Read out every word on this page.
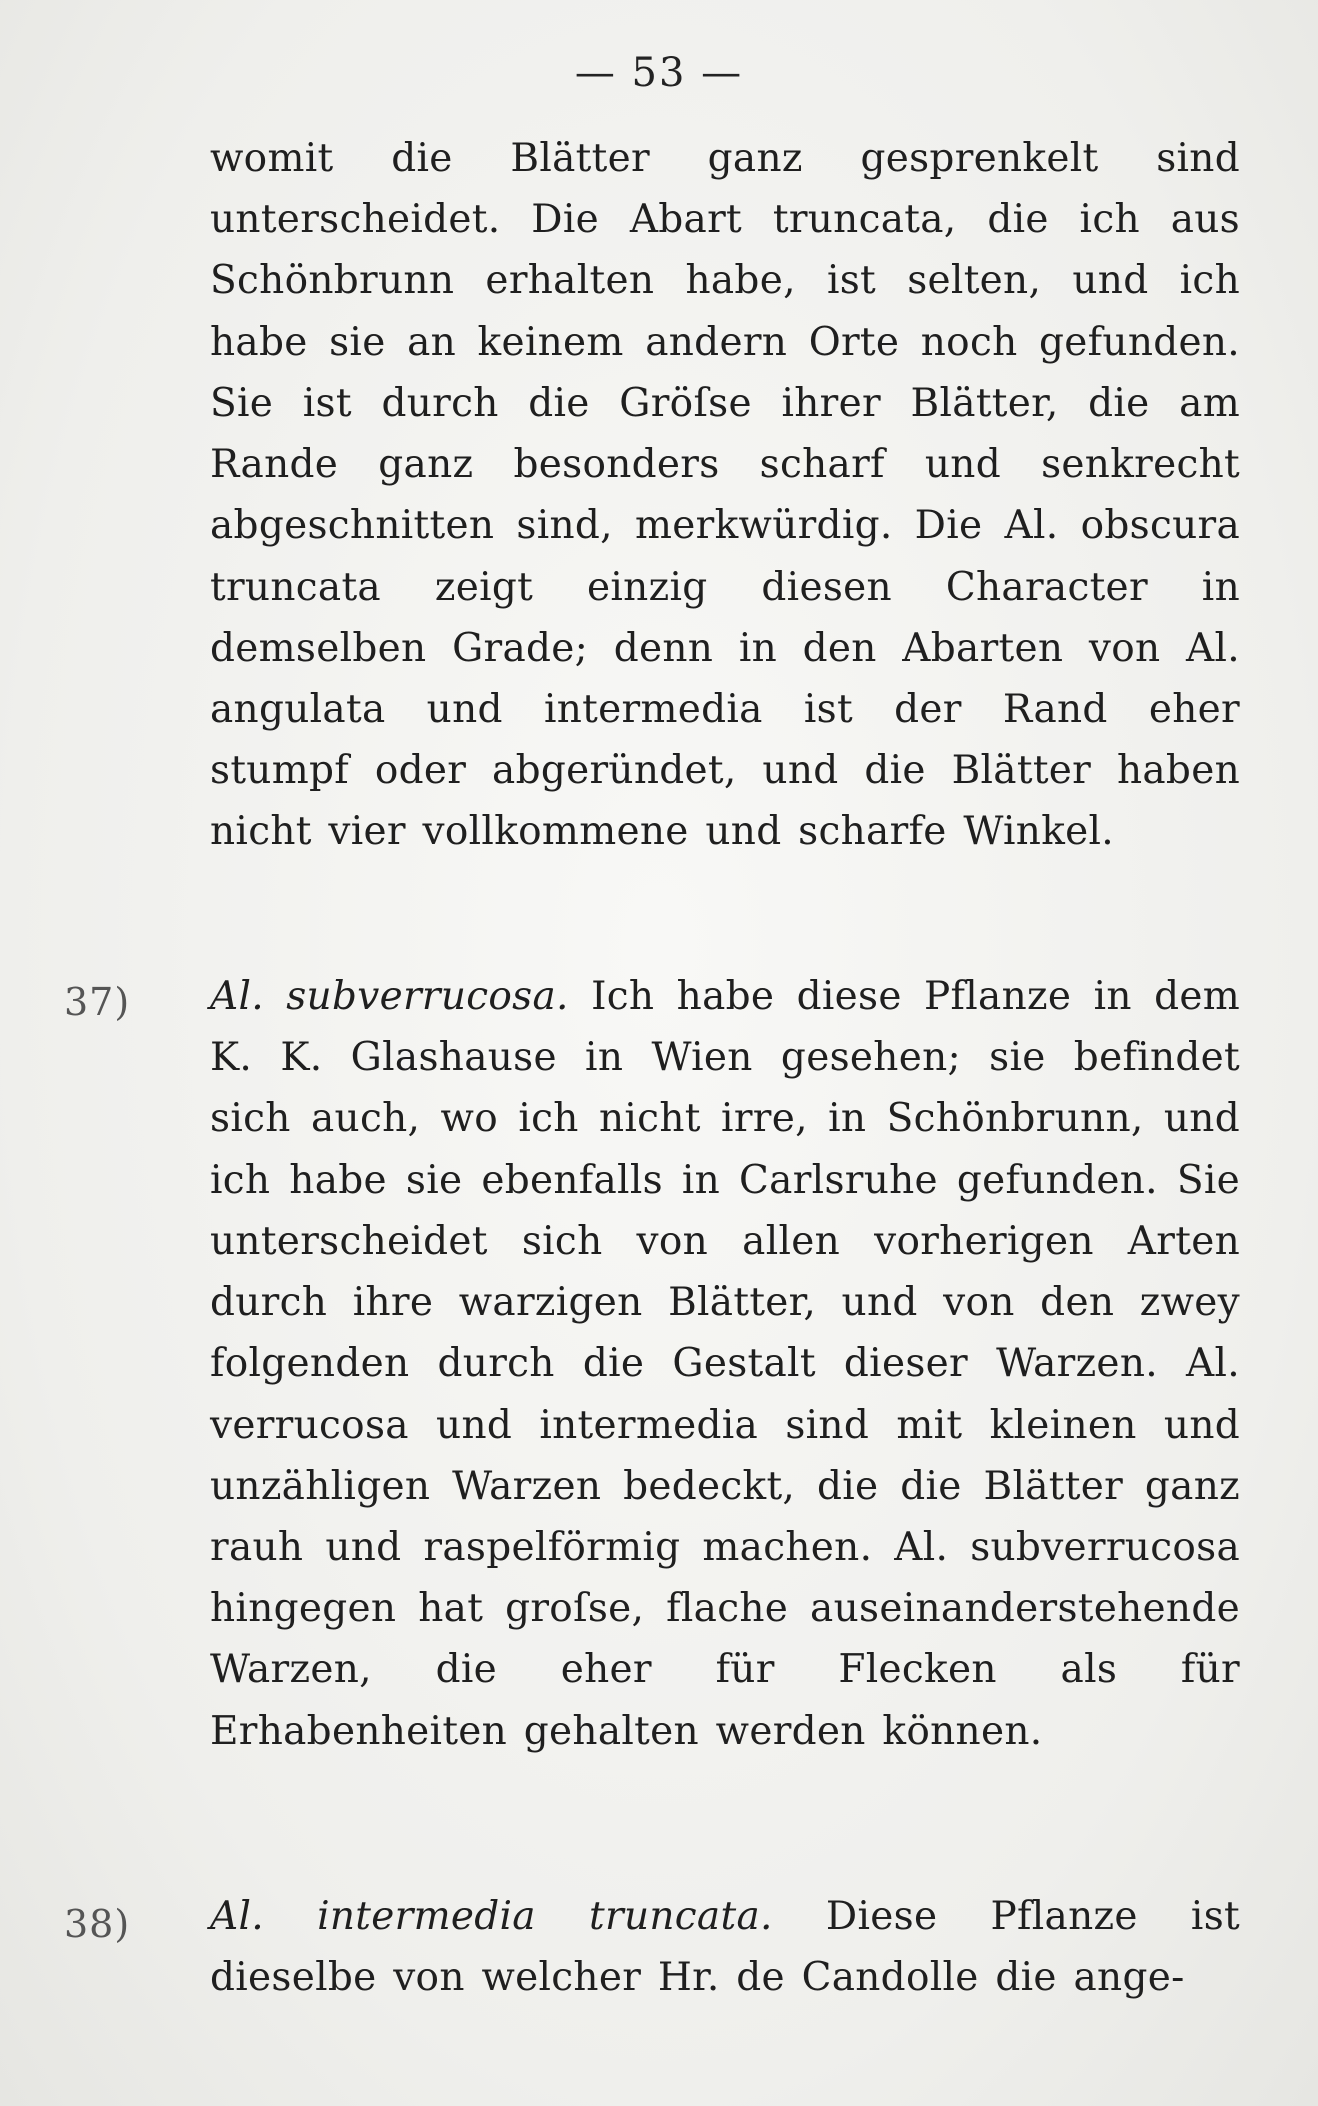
— 53 —
womit die Blätter ganz gesprenkelt sind unterscheidet. Die Abart truncata, die ich aus Schönbrunn erhalten habe, ist selten, und ich habe sie an keinem andern Orte noch gefunden. Sie ist durch die Gröſse ihrer Blätter, die am Rande ganz besonders scharf und senkrecht abgeschnitten sind, merkwürdig. Die Al. obscura truncata zeigt einzig diesen Character in demselben Grade; denn in den Abarten von Al. angulata und intermedia ist der Rand eher stumpf oder abgeründet, und die Blätter haben nicht vier vollkommene und scharfe Winkel.
37) Al. subverrucosa. Ich habe diese Pflanze in dem K. K. Glashause in Wien gesehen; sie befindet sich auch, wo ich nicht irre, in Schönbrunn, und ich habe sie ebenfalls in Carlsruhe gefunden. Sie unterscheidet sich von allen vorherigen Arten durch ihre warzigen Blätter, und von den zwey folgenden durch die Gestalt dieser Warzen. Al. verrucosa und intermedia sind mit kleinen und unzähligen Warzen bedeckt, die die Blätter ganz rauh und raspelförmig machen. Al. subverrucosa hingegen hat groſse, flache auseinanderstehende Warzen, die eher für Flecken als für Erhabenheiten gehalten werden können.
38) Al. intermedia truncata. Diese Pflanze ist dieselbe von welcher Hr. de Candolle die ange-
